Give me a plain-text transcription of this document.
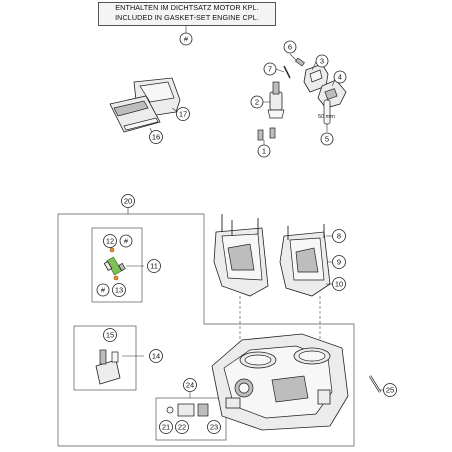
ENTHALTEN IM DICHTSATZ MOTOR KPL.
INCLUDED IN GASKET-SET ENGINE CPL.
50 mm
#
6
3
7
4
2
5
1
17
16
20
12 #
11
# 13
15
14
24
21 22	23
8
9
10
25
